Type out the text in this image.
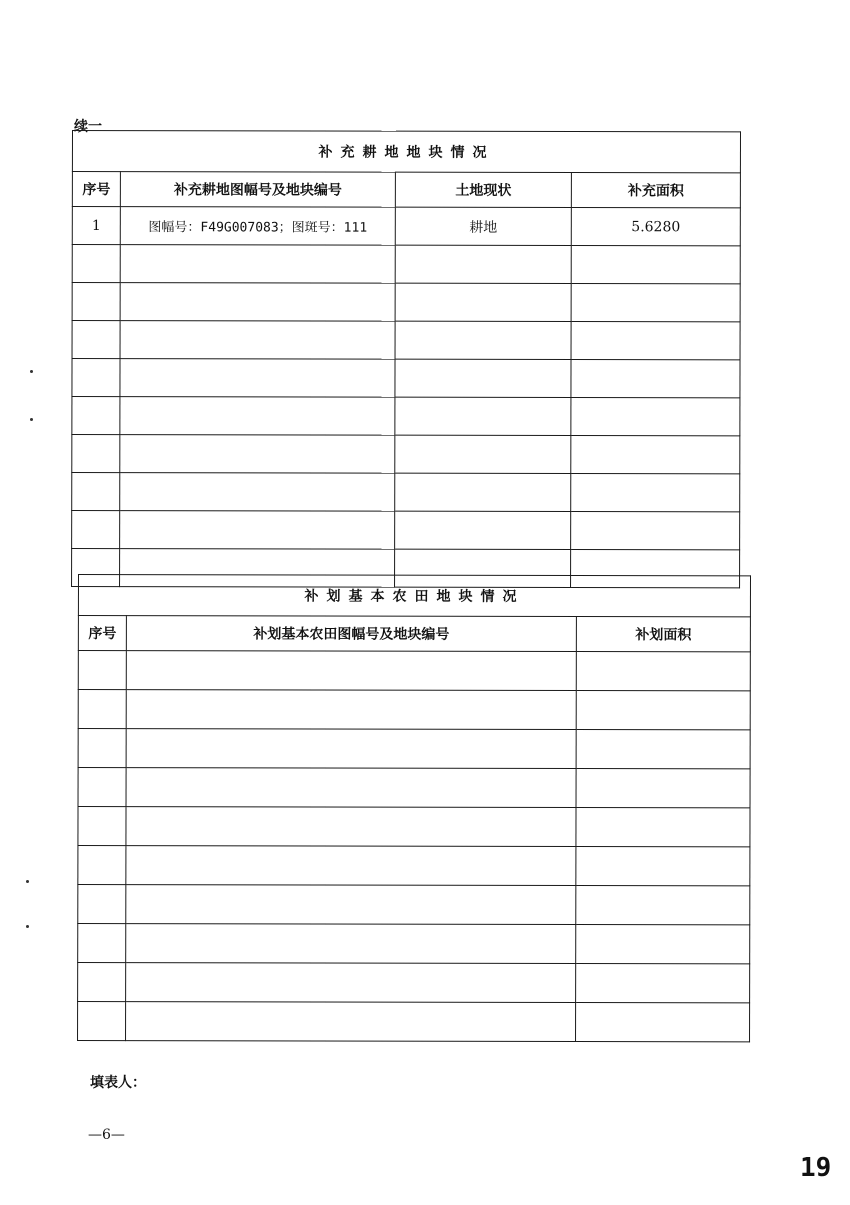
续一
补充耕地地块情况			
序号	补充耕地图幅号及地块编号	土地现状	补充面积
1	图幅号：F49G007083；图斑号：111	耕地	5.6280

补划基本农田地块情况		
序号	补划基本农田图幅号及地块编号	补划面积

填表人：
—6—
19
